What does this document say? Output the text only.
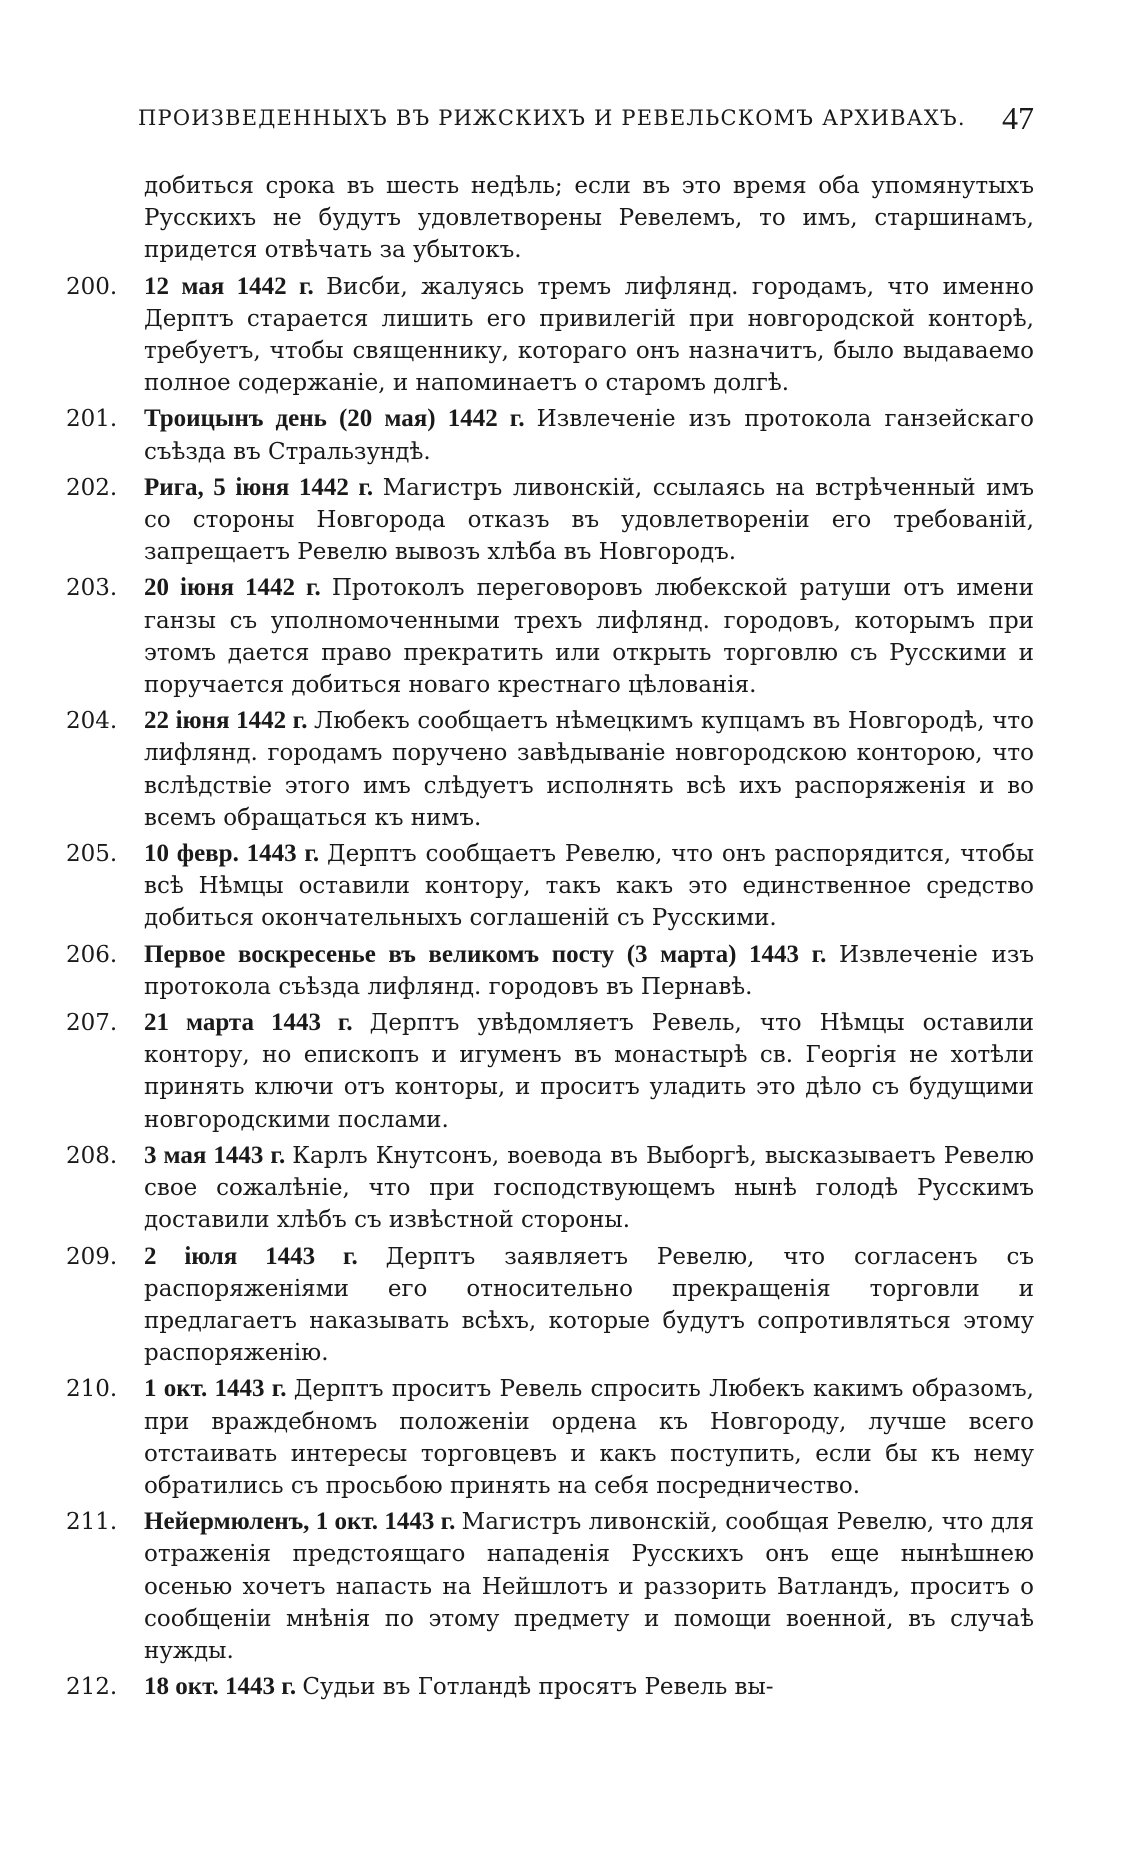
ПРОИЗВЕДЕННЫХЪ ВЪ РИЖСКИХЪ И РЕВЕЛЬСКОМЪ АРХИВАХЪ. 47

добиться срока въ шесть недѣль; если въ это время оба упомянутыхъ Русскихъ не будутъ удовлетворены Ревелемъ, то имъ, старшинамъ, придется отвѣчать за убытокъ.

200.	12 мая 1442 г. Висби, жалуясь тремъ лифлянд. городамъ, что именно Дерптъ старается лишить его привилегій при новгородской конторѣ, требуетъ, чтобы священнику, котораго онъ назначитъ, было выдаваемо полное содержаніе, и напоминаетъ о старомъ долгѣ.
201.	Троицынъ день (20 мая) 1442 г. Извлеченіе изъ протокола ганзейскаго съѣзда въ Стральзундѣ.
202.	Рига, 5 іюня 1442 г. Магистръ ливонскій, ссылаясь на встрѣченный имъ со стороны Новгорода отказъ въ удовлетвореніи его требованій, запрещаетъ Ревелю вывозъ хлѣба въ Новгородъ.
203.	20 іюня 1442 г. Протоколъ переговоровъ любекской ратуши отъ имени ганзы съ уполномоченными трехъ лифлянд. городовъ, которымъ при этомъ дается право прекратить или открыть торговлю съ Русскими и поручается добиться новаго крестнаго цѣлованія.
204.	22 іюня 1442 г. Любекъ сообщаетъ нѣмецкимъ купцамъ въ Новгородѣ, что лифлянд. городамъ поручено завѣдываніе новгородскою конторою, что вслѣдствіе этого имъ слѣдуетъ исполнять всѣ ихъ распоряженія и во всемъ обращаться къ нимъ.
205.	10 февр. 1443 г. Дерптъ сообщаетъ Ревелю, что онъ распорядится, чтобы всѣ Нѣмцы оставили контору, такъ какъ это единственное средство добиться окончательныхъ соглашеній съ Русскими.
206.	Первое воскресенье въ великомъ посту (3 марта) 1443 г. Извлеченіе изъ протокола съѣзда лифлянд. городовъ въ Пернавѣ.
207.	21 марта 1443 г. Дерптъ увѣдомляетъ Ревель, что Нѣмцы оставили контору, но епископъ и игуменъ въ монастырѣ св. Георгія не хотѣли принять ключи отъ конторы, и проситъ уладить это дѣло съ будущими новгородскими послами.
208.	3 мая 1443 г. Карлъ Кнутсонъ, воевода въ Выборгѣ, высказываетъ Ревелю свое сожалѣніе, что при господствующемъ нынѣ голодѣ Русскимъ доставили хлѣбъ съ извѣстной стороны.
209.	2 іюля 1443 г. Дерптъ заявляетъ Ревелю, что согласенъ съ распоряженіями его относительно прекращенія торговли и предлагаетъ наказывать всѣхъ, которые будутъ сопротивляться этому распоряженію.
210.	1 окт. 1443 г. Дерптъ проситъ Ревель спросить Любекъ какимъ образомъ, при враждебномъ положеніи ордена къ Новгороду, лучше всего отстаивать интересы торговцевъ и какъ поступить, если бы къ нему обратились съ просьбою принять на себя посредничество.
211.	Нейермюленъ, 1 окт. 1443 г. Магистръ ливонскій, сообщая Ревелю, что для отраженія предстоящаго нападенія Русскихъ онъ еще нынѣшнею осенью хочетъ напасть на Нейшлотъ и раззорить Ватландъ, проситъ о сообщеніи мнѣнія по этому предмету и помощи военной, въ случаѣ нужды.
212.	18 окт. 1443 г. Судьи въ Готландѣ просятъ Ревель вы-
